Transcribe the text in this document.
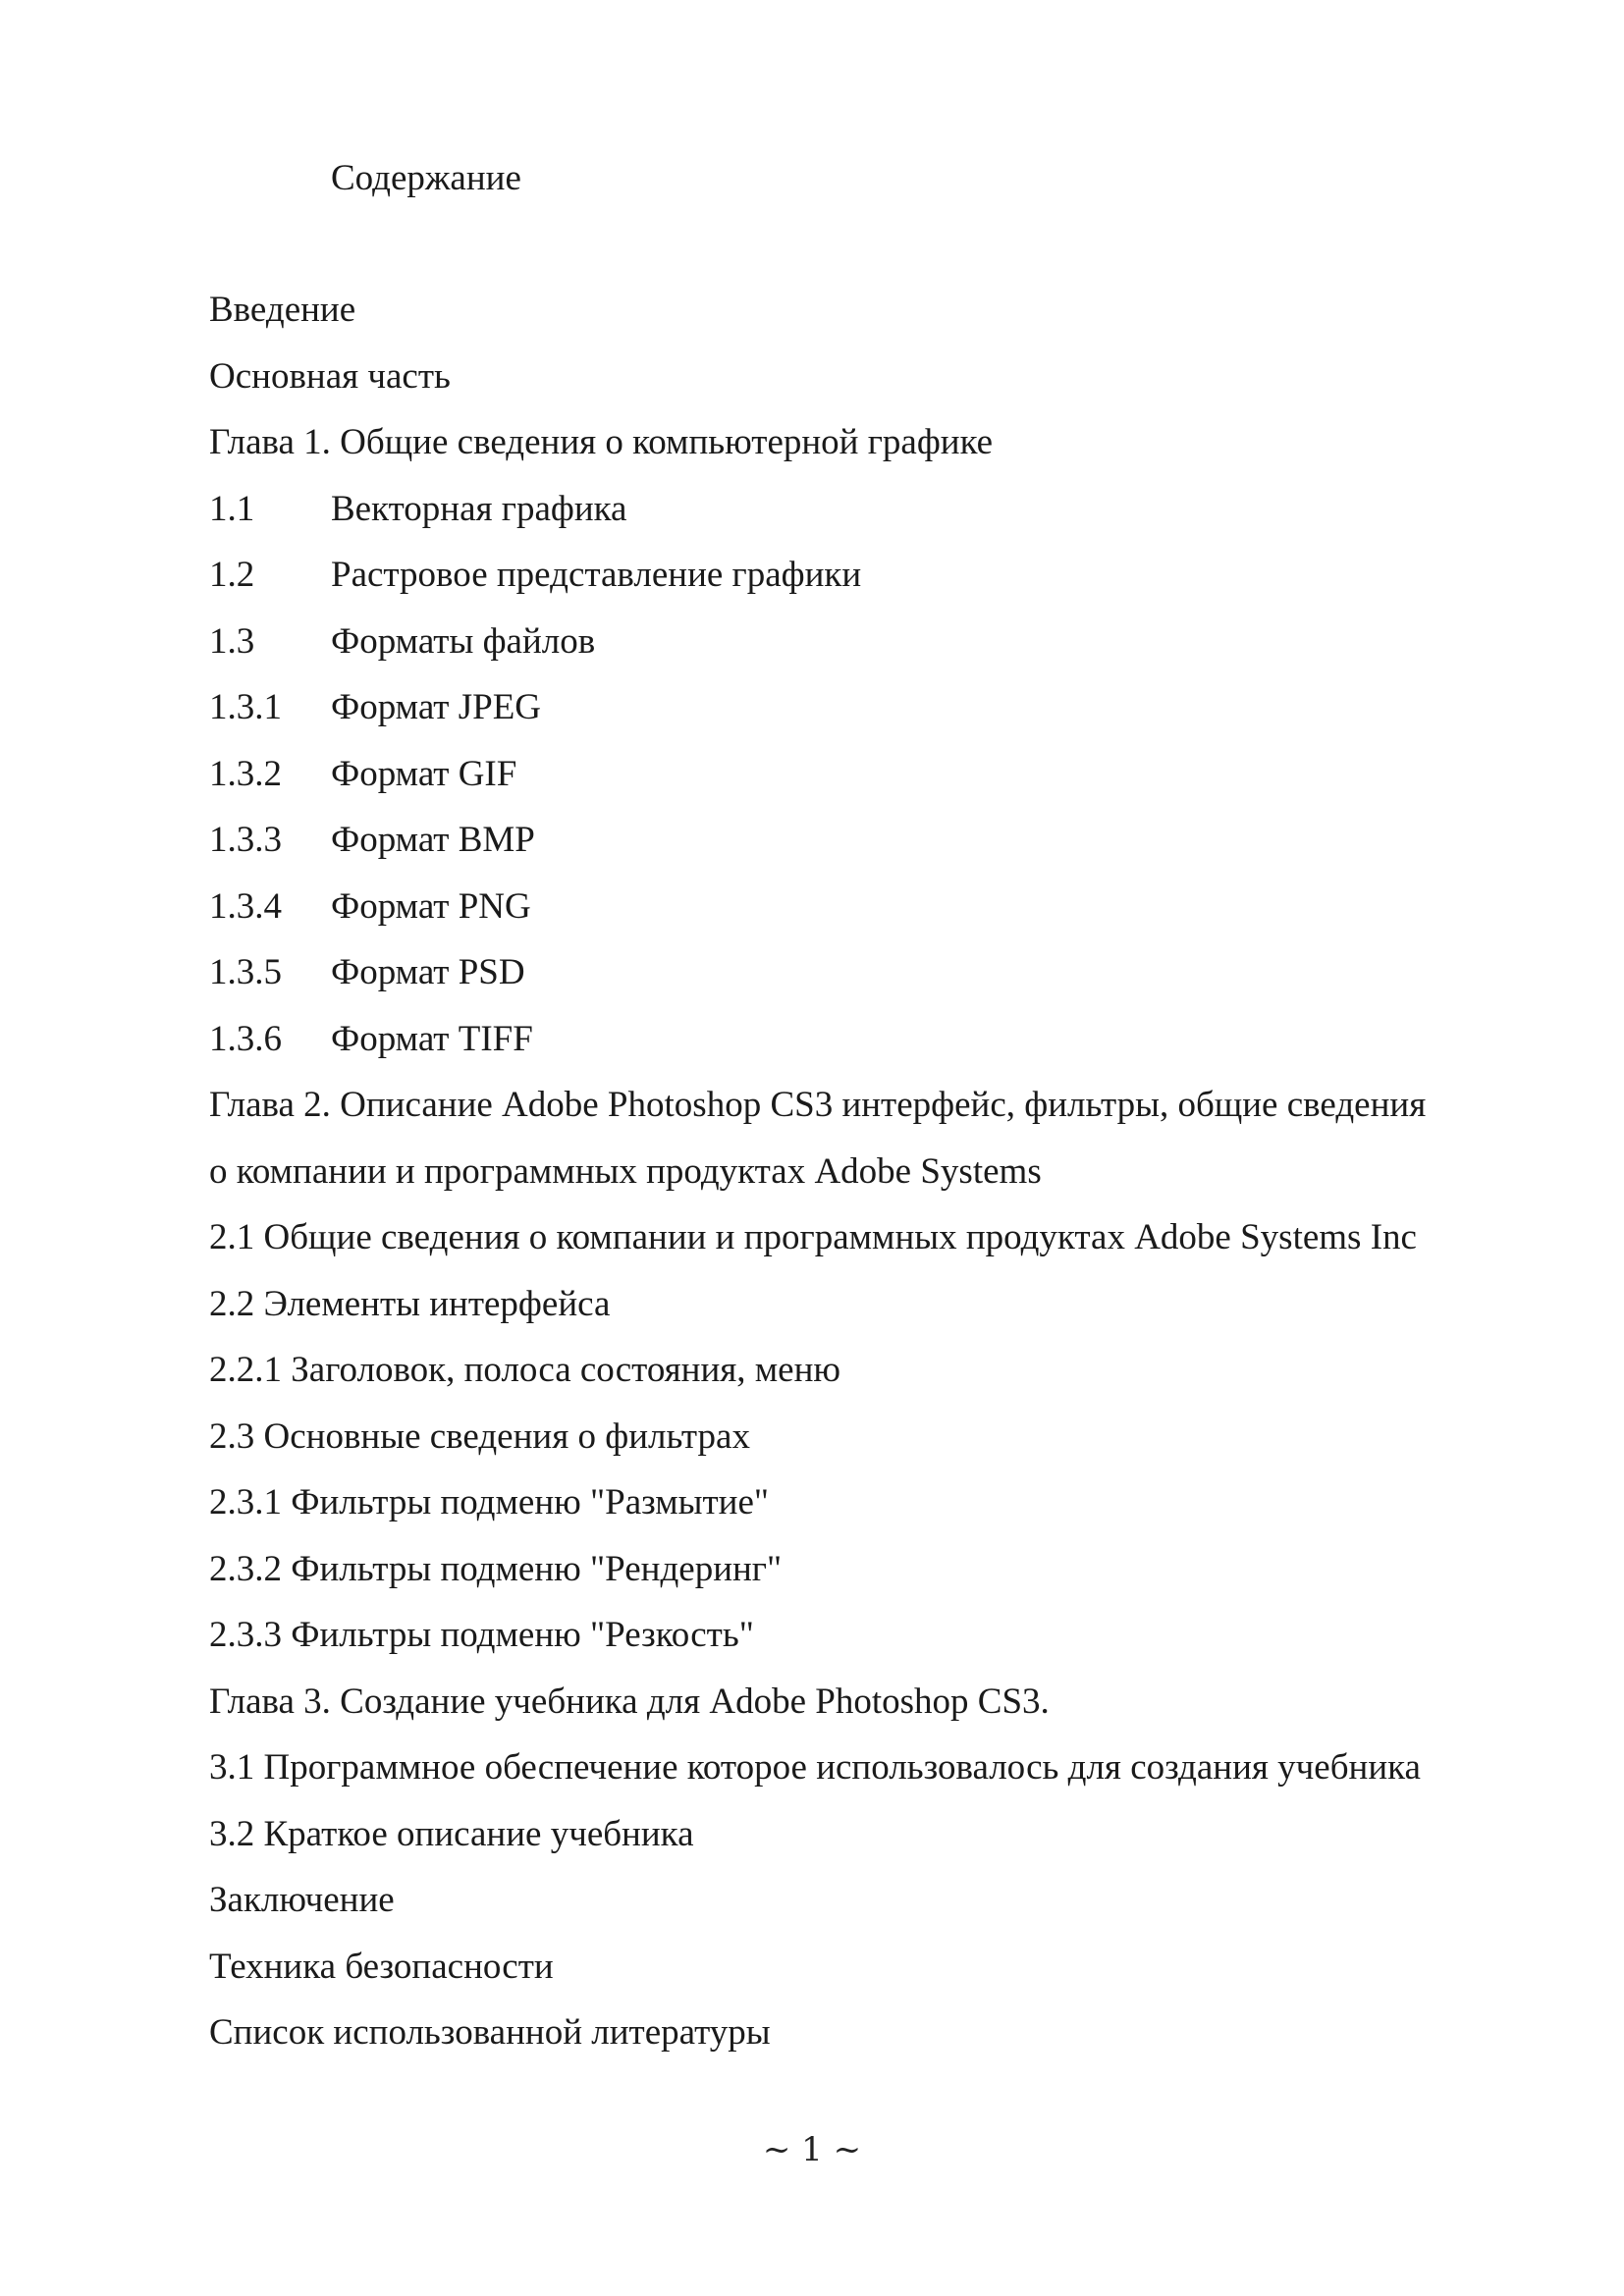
Содержание
Введение
Основная часть
Глава 1. Общие сведения о компьютерной графике
1.1	Векторная графика
1.2	Растровое представление графики
1.3	Форматы файлов
1.3.1	Формат JPEG
1.3.2	Формат GIF
1.3.3	Формат BMP
1.3.4	Формат PNG
1.3.5	Формат PSD
1.3.6	Формат TIFF
Глава 2. Описание Adobe Photoshop CS3 интерфейс, фильтры, общие сведения
о компании и программных продуктах Adobe Systems
2.1 Общие сведения о компании и программных продуктах Adobe Systems Inc
2.2 Элементы интерфейса
2.2.1 Заголовок, полоса состояния, меню
2.3 Основные сведения о фильтрах
2.3.1 Фильтры подменю "Размытие"
2.3.2 Фильтры подменю "Рендеринг"
2.3.3 Фильтры подменю "Резкость"
Глава 3. Создание учебника для Adobe Photoshop CS3.
3.1 Программное обеспечение которое использовалось для создания учебника
3.2 Краткое описание учебника
Заключение
Техника безопасности
Список использованной литературы
~ 1 ~
